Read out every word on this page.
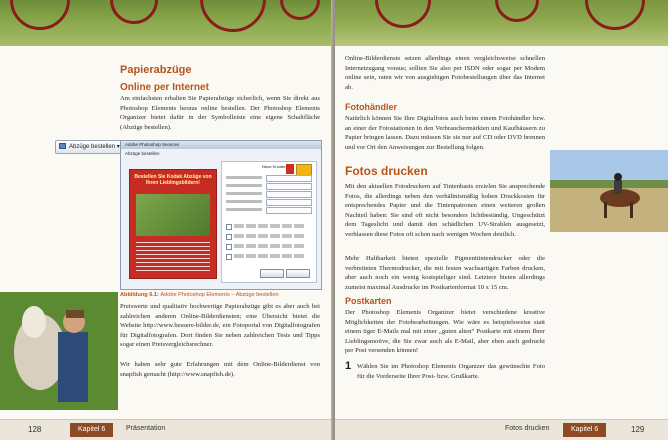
Papierabzüge
Online per Internet
Am einfachsten erhalten Sie Papierabzüge sicherlich, wenn Sie direkt aus Photoshop Elements heraus online bestellen. Der Photoshop Elements Organizer bietet dafür in der Symbolleiste eine eigene Schaltfläche (Abzüge bestellen).
Abzüge bestellen ▾	Adobe Photoshop Services
Abzüge bestellen
Bestellen Sie Kodak Abzüge von Ihren Lieblingsbildern!
Neue Kunden
Abbildung 6.1: Adobe Photoshop Elements – Abzüge bestellen
Preiswerte und qualitativ hochwertige Papierabzüge gibt es aber auch bei zahlreichen anderen Online-Bilderdiensten; eine Übersicht bietet die Website http://www.bessere-bilder.de, ein Fotoportal von Digitalfotografen für Digitalfotografen. Dort finden Sie neben zahlreichen Tests und Tipps sogar einen Preisvergleichsrechner.
Wir haben sehr gute Erfahrungen mit dem Online-Bilderdienst von snapfish gemacht (http://www.snapfish.de).
128	Kapitel 6	Präsentation
Online-Bilderdienste setzen allerdings einen vergleichsweise schnellen Internetzugang voraus; sollten Sie also per ISDN oder sogar per Modem online sein, raten wir von ausgiebigen Fotobestellungen über das Internet ab.
Fotohändler
Natürlich können Sie Ihre Digitalfotos auch beim einem Fotohändler bzw. an einer der Fotostationen in den Verbrauchermärkten und Kaufhäusern zu Papier bringen lassen. Dazu müssen Sie sie nur auf CD oder DVD brennen und vor Ort den Anweisungen zur Bestellung folgen.
Fotos drucken
Mit den aktuellen Fotodruckern auf Tintenbasis erzielen Sie ansprechende Fotos, die allerdings neben den verhältnismäßig hohen Druckkosten für entsprechendes Papier und die Tintenpatronen einen weiteren großen Nachteil haben: Sie sind oft nicht besonders lichtbeständig. Ungeschützt dem Tageslicht und damit den schädlichen UV-Strahlen ausgesetzt, verblassen diese Fotos oft schon nach wenigen Wochen deutlich.
Mehr Haltbarkeit bieten spezielle Pigmenttintendrucker oder die verbreiteten Thermodrucker, die mit festen wachsartigen Farben drucken, aber auch noch ein wenig kostspieliger sind. Letztere bieten allerdings zumeist maximal Ausdrucke im Postkartenformat 10 x 15 cm.
Postkarten
Der Photoshop Elements Organizer bietet verschiedene kreative Möglichkeiten der Fotobearbeitungen. Wie wäre es beispielsweise statt einem tiger E-Mails mal mit einer „guten alten“ Postkarte mit einem Ihrer Lieblingsmotive, die Sie zwar auch als E-Mail, aber eben auch gedruckt per Post versenden können!
1 Wählen Sie im Photoshop Elements Organizer das gewünschte Foto für die Vorderseite Ihrer Post- bzw. Grußkarte.
Fotos drucken	Kapitel 6	129
